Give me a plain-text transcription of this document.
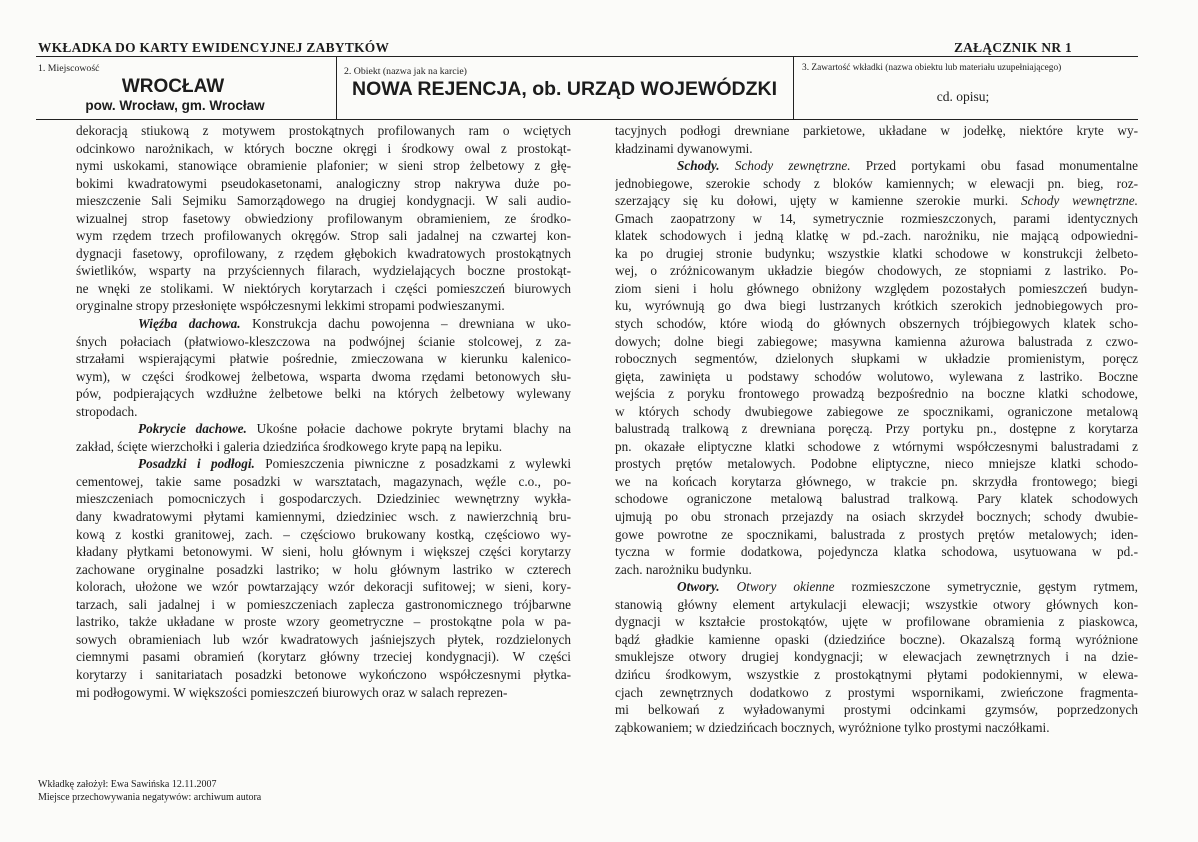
WKŁADKA DO KARTY EWIDENCYJNEJ ZABYTKÓW	ZAŁĄCZNIK NR 1
1. Miejscowość
WROCŁAW
pow. Wrocław, gm. Wrocław
2. Obiekt (nazwa jak na karcie)
NOWA REJENCJA, ob. URZĄD WOJEWÓDZKI
3. Zawartość wkładki (nazwa obiektu lub materiału uzupełniającego)
cd. opisu;
dekoracją stiukową z motywem prostokątnych profilowanych ram o wciętych
odcinkowo narożnikach, w których boczne okręgi i środkowy owal z prostokąt-
nymi uskokami, stanowiące obramienie plafonier; w sieni strop żelbetowy z głę-
bokimi kwadratowymi pseudokasetonami, analogiczny strop nakrywa duże po-
mieszczenie Sali Sejmiku Samorządowego na drugiej kondygnacji. W sali audio-
wizualnej strop fasetowy obwiedziony profilowanym obramieniem, ze środko-
wym rzędem trzech profilowanych okręgów. Strop sali jadalnej na czwartej kon-
dygnacji fasetowy, oprofilowany, z rzędem głębokich kwadratowych prostokątnych
świetlików, wsparty na przyściennych filarach, wydzielających boczne prostokąt-
ne wnęki ze stolikami. W niektórych korytarzach i części pomieszczeń biurowych
oryginalne stropy przesłonięte współczesnymi lekkimi stropami podwieszanymi.
Więźba dachowa. Konstrukcja dachu powojenna – drewniana w uko-
śnych połaciach (płatwiowo-kleszczowa na podwójnej ścianie stolcowej, z za-
strzałami wspierającymi płatwie pośrednie, zmieczowana w kierunku kalenico-
wym), w części środkowej żelbetowa, wsparta dwoma rzędami betonowych słu-
pów, podpierających wzdłużne żelbetowe belki na których żelbetowy wylewany
stropodach.
Pokrycie dachowe. Ukośne połacie dachowe pokryte brytami blachy na
zakład, ścięte wierzchołki i galeria dziedzińca środkowego kryte papą na lepiku.
Posadzki i podłogi. Pomieszczenia piwniczne z posadzkami z wylewki
cementowej, takie same posadzki w warsztatach, magazynach, węźle c.o., po-
mieszczeniach pomocniczych i gospodarczych. Dziedziniec wewnętrzny wykła-
dany kwadratowymi płytami kamiennymi, dziedziniec wsch. z nawierzchnią bru-
kową z kostki granitowej, zach. – częściowo brukowany kostką, częściowo wy-
kładany płytkami betonowymi. W sieni, holu głównym i większej części korytarzy
zachowane oryginalne posadzki lastriko; w holu głównym lastriko w czterech
kolorach, ułożone we wzór powtarzający wzór dekoracji sufitowej; w sieni, kory-
tarzach, sali jadalnej i w pomieszczeniach zaplecza gastronomicznego trójbarwne
lastriko, także układane w proste wzory geometryczne – prostokątne pola w pa-
sowych obramieniach lub wzór kwadratowych jaśniejszych płytek, rozdzielonych
ciemnymi pasami obramień (korytarz główny trzeciej kondygnacji). W części
korytarzy i sanitariatach posadzki betonowe wykończono współczesnymi płytka-
mi podłogowymi. W większości pomieszczeń biurowych oraz w salach reprezen-
tacyjnych podłogi drewniane parkietowe, układane w jodełkę, niektóre kryte wy-
kładzinami dywanowymi.
Schody. Schody zewnętrzne. Przed portykami obu fasad monumentalne
jednobiegowe, szerokie schody z bloków kamiennych; w elewacji pn. bieg, roz-
szerzający się ku dołowi, ujęty w kamienne szerokie murki. Schody wewnętrzne.
Gmach zaopatrzony w 14, symetrycznie rozmieszczonych, parami identycznych
klatek schodowych i jedną klatkę w pd.-zach. narożniku, nie mającą odpowiedni-
ka po drugiej stronie budynku; wszystkie klatki schodowe w konstrukcji żelbeto-
wej, o zróżnicowanym układzie biegów chodowych, ze stopniami z lastriko. Po-
ziom sieni i holu głównego obniżony względem pozostałych pomieszczeń budyn-
ku, wyrównują go dwa biegi lustrzanych krótkich szerokich jednobiegowych pro-
stych schodów, które wiodą do głównych obszernych trójbiegowych klatek scho-
dowych; dolne biegi zabiegowe; masywna kamienna ażurowa balustrada z czwo-
robocznych segmentów, dzielonych słupkami w układzie promienistym, poręcz
gięta, zawinięta u podstawy schodów wolutowo, wylewana z lastriko. Boczne
wejścia z poryku frontowego prowadzą bezpośrednio na boczne klatki schodowe,
w których schody dwubiegowe zabiegowe ze spocznikami, ograniczone metalową
balustradą tralkową z drewniana poręczą. Przy portyku pn., dostępne z korytarza
pn. okazałe eliptyczne klatki schodowe z wtórnymi współczesnymi balustradami z
prostych prętów metalowych. Podobne eliptyczne, nieco mniejsze klatki schodo-
we na końcach korytarza głównego, w trakcie pn. skrzydła frontowego; biegi
schodowe ograniczone metalową balustrad tralkową. Pary klatek schodowych
ujmują po obu stronach przejazdy na osiach skrzydeł bocznych; schody dwubie-
gowe powrotne ze spocznikami, balustrada z prostych prętów metalowych; iden-
tyczna w formie dodatkowa, pojedyncza klatka schodowa, usytuowana w pd.-
zach. narożniku budynku.
Otwory. Otwory okienne rozmieszczone symetrycznie, gęstym rytmem,
stanowią główny element artykulacji elewacji; wszystkie otwory głównych kon-
dygnacji w kształcie prostokątów, ujęte w profilowane obramienia z piaskowca,
bądź gładkie kamienne opaski (dziedzińce boczne). Okazalszą formą wyróżnione
smuklejsze otwory drugiej kondygnacji; w elewacjach zewnętrznych i na dzie-
dzińcu środkowym, wszystkie z prostokątnymi płytami podokiennymi, w elewa-
cjach zewnętrznych dodatkowo z prostymi wspornikami, zwieńczone fragmenta-
mi belkowań z wyładowanymi prostymi odcinkami gzymsów, poprzedzonych
ząbkowaniem; w dziedzińcach bocznych, wyróżnione tylko prostymi naczółkami.
Wkładkę założył: Ewa Sawińska 12.11.2007
Miejsce przechowywania negatywów: archiwum autora
